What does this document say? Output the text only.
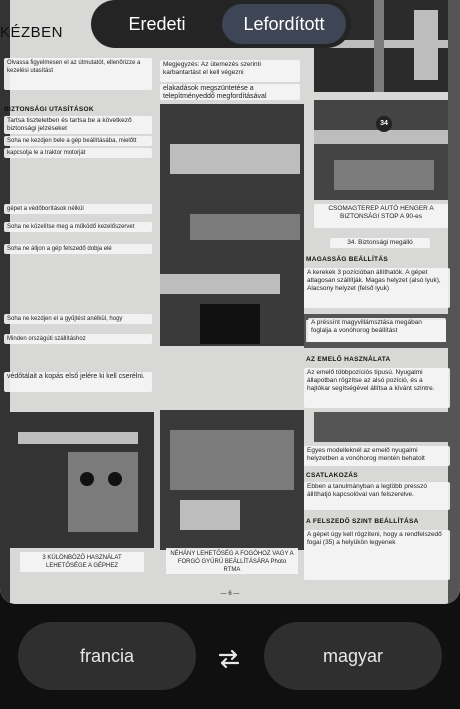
KÉZBEN
Olvassa figyelmesen el az útmutatót, ellenőrizze a kezelési utasítást
Megjegyzés: Az ütemezés szerinti karbantartást el kell végezni
elakadások megszüntetése a telepítményeddő megfordításával
BIZTONSÁGI UTASÍTÁSOK
Tartsa tiszteletben és tartsa be a következő biztonsági jelzéseket
Soha ne kezdjen bele a gép beállításába, mielőtt
kapcsolja le a traktor motorját
gépet a védőborítások nélkül
Soha ne közelítse meg a működő kezelőszervet
Soha ne álljon a gép felszedő dobja elé
Soha ne kezdjen el a gyűjtést anélkül, hogy
Minden országúti szállításhoz
védőtálait a kopás első jelére ki kell cserélni.
34
CSOMAGTEREP AUTÓ HENGER A BIZTONSÁGI STOP A 90-es
34. Biztonsági megálló
MAGASSÁG BEÁLLÍTÁS
A kerekek 3 pozícióban állíthatók. A gépet atlagosan szállítják. Magas helyzet (alsó lyuk), Alacsony helyzet (felső lyuk)
A préssínt magyvillámsztása megában foglalja a vonóhorog beállítást
AZ EMELŐ HASZNÁLATA
Az emelő többpozíciós típusú. Nyugalmi állapotban rögzítse az alsó pozíció, és a hajtókar segítségével állítsa a kívánt szintre.
Egyes modelleknél az emelő nyugalmi helyzetben a vonóhorog mentén behatolt
CSATLAKOZÁS
Ebben a tanulmányban a legtöbb presszó állíthatjó kapcsolóval van felszerelve.
A FELSZEDŐ SZINT BEÁLLÍTÁSA
A gépet úgy kell rögzíteni, hogy a rendfelszedő fogai (35) a helyükön legyenek
3 KÜLÖNBÖZŐ HASZNÁLAT LEHETŐSÉGE A GÉPHEZ
NÉHÁNY LEHETŐSÉG A FOGÓHOZ VAGY A FORGÓ GYŰRŰ BEÁLLÍTÁSÁRA Photo RTMA
— 6 —
Eredeti	Lefordított
francia	magyar
